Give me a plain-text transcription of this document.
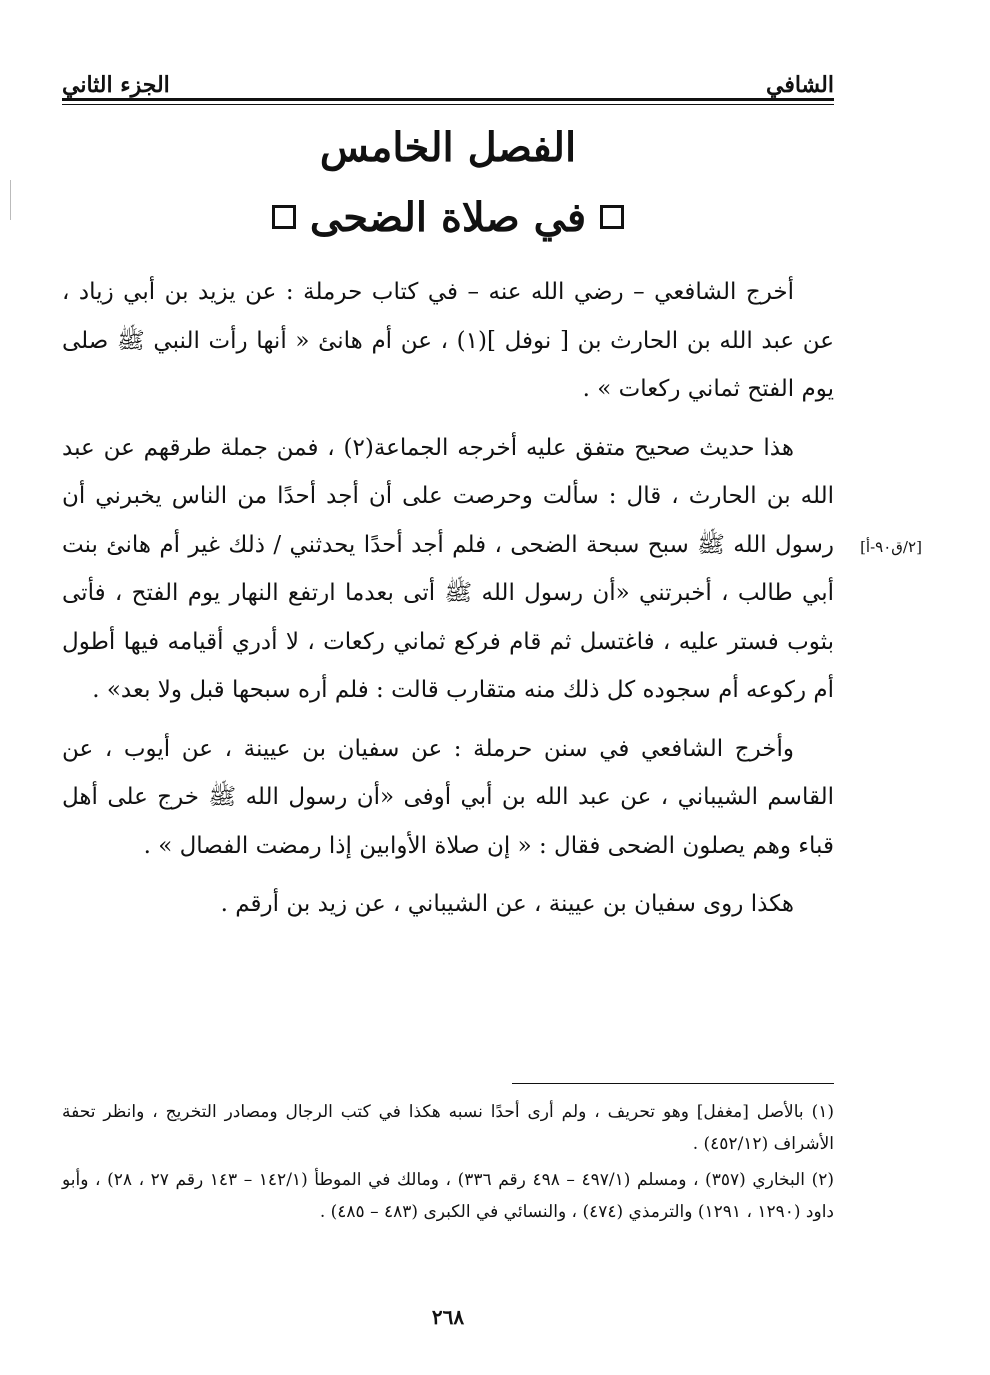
الشافي
الجزء الثاني
الفصل الخامس
في صلاة الضحى

أخرج الشافعي – رضي الله عنه – في كتاب حرملة : عن يزيد بن أبي زياد ، عن عبد الله بن الحارث بن [ نوفل ](١) ، عن أم هانئ « أنها رأت النبي ﷺ صلى يوم الفتح ثماني ركعات » .

هذا حديث صحيح متفق عليه أخرجه الجماعة(٢) ، فمن جملة طرقهم عن عبد الله بن الحارث ، قال : سألت وحرصت على أن أجد أحدًا من الناس يخبرني أن رسول الله ﷺ سبح سبحة الضحى ، فلم أجد أحدًا يحدثني / ذلك غير أم هانئ بنت أبي طالب ، أخبرتني «أن رسول الله ﷺ أتى بعدما ارتفع النهار يوم الفتح ، فأتى بثوب فستر عليه ، فاغتسل ثم قام فركع ثماني ركعات ، لا أدري أقيامه فيها أطول أم ركوعه أم سجوده كل ذلك منه متقارب قالت : فلم أره سبحها قبل ولا بعد» .

وأخرج الشافعي في سنن حرملة : عن سفيان بن عيينة ، عن أيوب ، عن القاسم الشيباني ، عن عبد الله بن أبي أوفى «أن رسول الله ﷺ خرج على أهل قباء وهم يصلون الضحى فقال : « إن صلاة الأوابين إذا رمضت الفصال » .

هكذا روى سفيان بن عيينة ، عن الشيباني ، عن زيد بن أرقم .

[٢/ق٩٠-أ]

(١) بالأصل [مغفل] وهو تحريف ، ولم أرى أحدًا نسبه هكذا في كتب الرجال ومصادر التخريج ، وانظر تحفة الأشراف (٤٥٢/١٢) .

(٢) البخاري (٣٥٧) ، ومسلم (٤٩٧/١ – ٤٩٨ رقم ٣٣٦) ، ومالك في الموطأ (١٤٢/١ – ١٤٣ رقم ٢٧ ، ٢٨) ، وأبو داود (١٢٩٠ ، ١٢٩١) والترمذي (٤٧٤) ، والنسائي في الكبرى (٤٨٣ – ٤٨٥) .

٢٦٨
